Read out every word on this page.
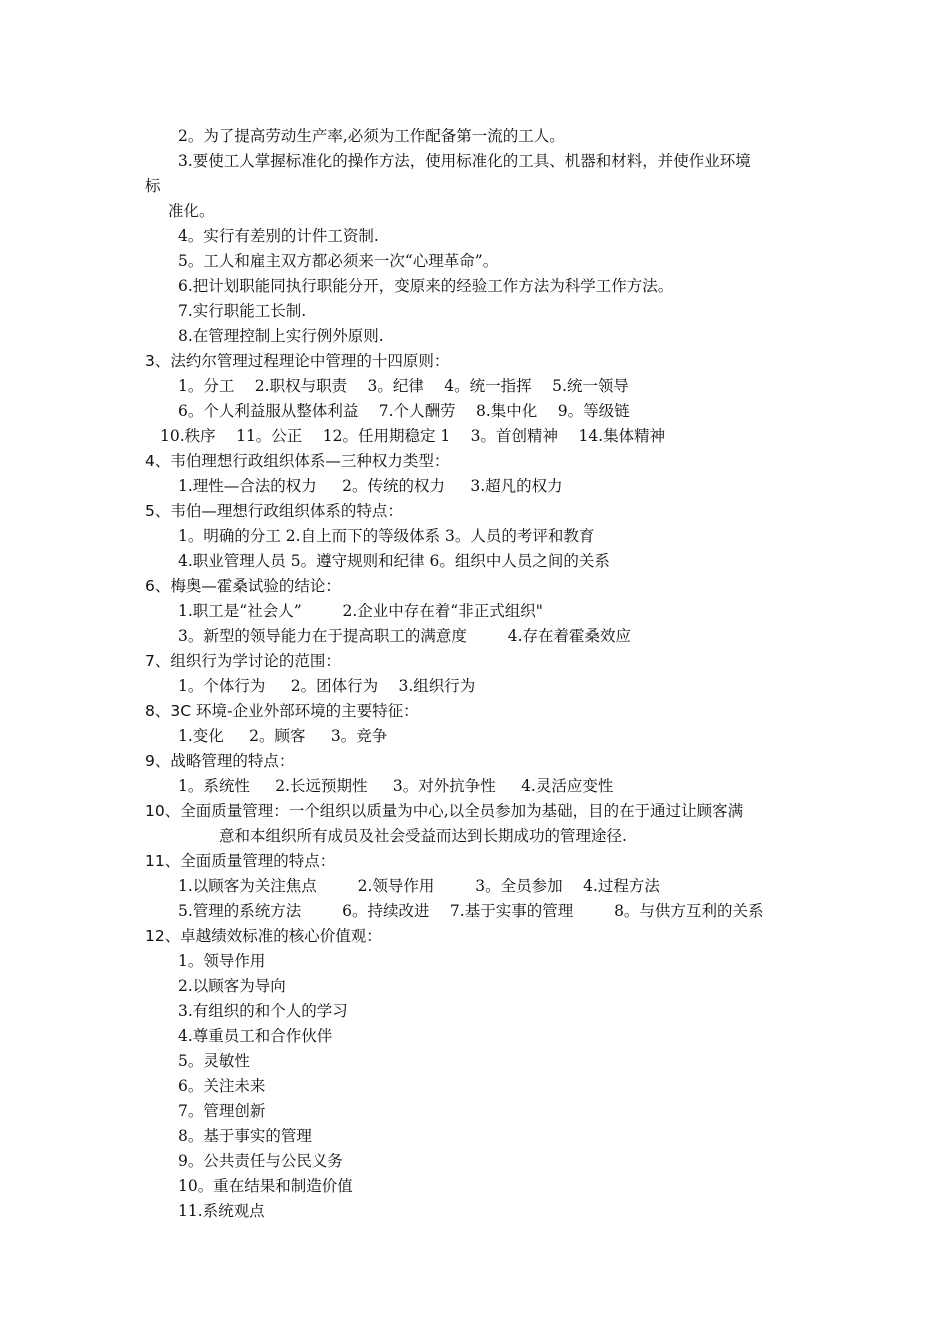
2。为了提高劳动生产率,必须为工作配备第一流的工人。
3.要使工人掌握标准化的操作方法，使用标准化的工具、机器和材料，并使作业环境
标
准化。
4。实行有差别的计件工资制.
5。工人和雇主双方都必须来一次“心理革命”。
6.把计划职能同执行职能分开，变原来的经验工作方法为科学工作方法。
7.实行职能工长制.
8.在管理控制上实行例外原则.
3、法约尔管理过程理论中管理的十四原则：
1。分工 　2.职权与职责 　3。纪律 　4。统一指挥 　5.统一领导
6。个人利益服从整体利益 　7.个人酬劳 　8.集中化 　9。等级链
10.秩序 　11。公正 　12。任用期稳定 1 　3。首创精神 　14.集体精神
4、韦伯理想行政组织体系—三种权力类型：
1.理性—合法的权力 　 2。传统的权力 　 3.超凡的权力
5、韦伯—理想行政组织体系的特点：
1。明确的分工 2.自上而下的等级体系 3。人员的考评和教育
4.职业管理人员 5。遵守规则和纪律 6。组织中人员之间的关系
6、梅奥—霍桑试验的结论：
1.职工是“社会人” 　 　2.企业中存在着“非正式组织"
3。新型的领导能力在于提高职工的满意度 　 　4.存在着霍桑效应
7、组织行为学讨论的范围：
1。个体行为 　 2。团体行为 　3.组织行为
8、3C 环境-企业外部环境的主要特征：
1.变化 　 2。顾客 　 3。竞争
9、战略管理的特点：
1。系统性 　 2.长远预期性 　 3。对外抗争性 　 4.灵活应变性
10、全面质量管理：一个组织以质量为中心,以全员参加为基础，目的在于通过让顾客满
意和本组织所有成员及社会受益而达到长期成功的管理途径.
11、全面质量管理的特点：
1.以顾客为关注焦点 　 　2.领导作用 　 　3。全员参加 　4.过程方法
5.管理的系统方法 　 　6。持续改进 　7.基于实事的管理 　 　8。与供方互利的关系
12、卓越绩效标准的核心价值观：
1。领导作用
2.以顾客为导向
3.有组织的和个人的学习
4.尊重员工和合作伙伴
5。灵敏性
6。关注未来
7。管理创新
8。基于事实的管理
9。公共责任与公民义务
10。重在结果和制造价值
11.系统观点
